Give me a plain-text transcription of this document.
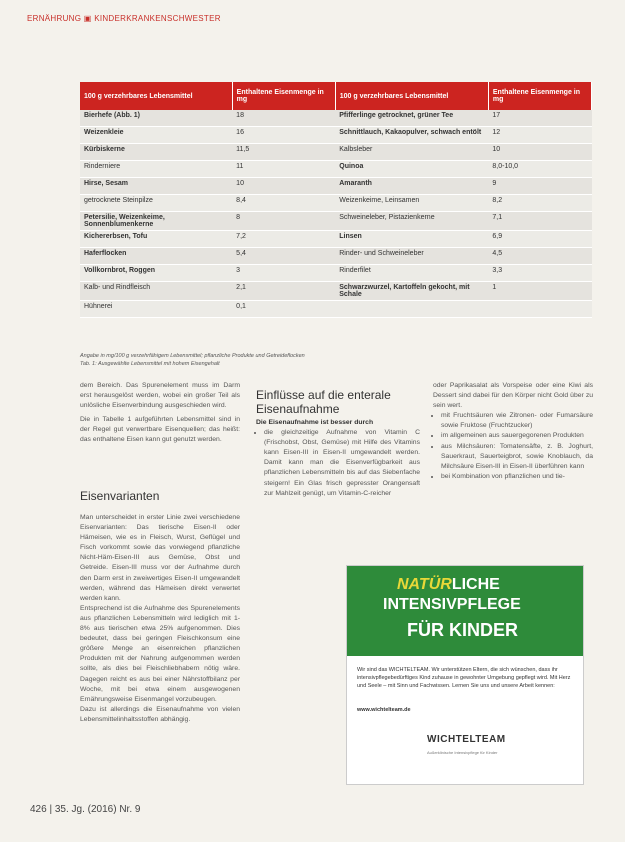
ERNÄHRUNG ▣ KINDERKRANKENSCHWESTER
100 g verzehrbares Lebensmittel	Enthaltene Eisenmenge in mg	100 g verzehrbares Lebensmittel	Enthaltene Eisenmenge in mg
Bierhefe (Abb. 1)	18	Pfifferlinge getrocknet, grüner Tee	17
Weizenkleie	16	Schnittlauch, Kakaopulver, schwach entölt	12
Kürbiskerne	11,5	Kalbsleber	10
Rinderniere	11	Quinoa	8,0-10,0
Hirse, Sesam	10	Amaranth	9
getrocknete Steinpilze	8,4	Weizenkeime, Leinsamen	8,2
Petersilie, Weizenkeime, Sonnenblumenkerne	8	Schweineleber, Pistazienkerne	7,1
Kichererbsen, Tofu	7,2	Linsen	6,9
Haferflocken	5,4	Rinder- und Schweineleber	4,5
Vollkornbrot, Roggen	3	Rinderfilet	3,3
Kalb- und Rindfleisch	2,1	Schwarzwurzel, Kartoffeln gekocht, mit Schale	1
Hühnerei	0,1		
Angabe in mg/100 g verzehrfähigem Lebensmittel; pflanzliche Produkte und Getreideflocken
Tab. 1: Ausgewählte Lebensmittel mit hohem Eisengehalt

dem Bereich. Das Spurenelement muss im Darm erst herausgelöst werden, wobei ein großer Teil als unlösliche Eisenverbindung ausgeschieden wird.

Die in Tabelle 1 aufgeführten Lebensmittel sind in der Regel gut verwertbare Eisenquellen; das heißt: das enthaltene Eisen kann gut genutzt werden.

Eisenvarianten

Man unterscheidet in erster Linie zwei verschiedene Eisenvarianten: Das tierische Eisen-II oder Hämeisen, wie es in Fleisch, Wurst, Geflügel und Fisch vorkommt sowie das vorwiegend pflanzliche Nicht-Häm-Eisen-III aus Gemüse, Obst und Getreide. Eisen-III muss vor der Aufnahme durch den Darm erst in zweiwertiges Eisen-II umgewandelt werden, während das Hämeisen direkt verwertet werden kann.

Entsprechend ist die Aufnahme des Spurenelements aus pflanzlichen Lebensmitteln wird lediglich mit 1-8% aus tierischen etwa 25% aufgenommen. Dies bedeutet, dass bei geringen Fleischkonsum eine größere Menge an eisenreichen pflanzlichen Produkten mit der Nahrung aufgenommen werden sollte, als dies bei Fleischliebhabern nötig wäre. Dagegen reicht es aus bei einer Nährstoffbilanz per Woche, mit bei etwa einem ausgewogenen Ernährungsweise Eisenmangel vorzubeugen.

Dazu ist allerdings die Eisenaufnahme von vielen Lebensmittelinhaltsstoffen abhängig.

Einflüsse auf die enterale Eisenaufnahme
Die Eisenaufnahme ist besser durch
• die gleichzeitige Aufnahme von Vitamin C (Frischobst, Obst, Gemüse) mit Hilfe des Vitamins kann Eisen-III in Eisen-II umgewandelt werden. Damit kann man die Eisenverfügbarkeit aus pflanzlichen Lebensmitteln bis auf das Siebenfache steigern! Ein Glas frisch gepresster Orangensaft zur Mahlzeit genügt, um Vitamin-C-reicher

oder Paprikasalat als Vorspeise oder eine Kiwi als Dessert sind dabei für den Körper nicht Gold über zu sein wert.

• mit Fruchtsäuren wie Zitronen- oder Fumarsäure sowie Fruktose (Fruchtzucker)
• im allgemeinen aus sauergegorenen Produkten
• aus Milchsäuren: Tomatensäfte, z. B. Joghurt, Sauerkraut, Sauerteigbrot, sowie Knoblauch, da Milchsäure Eisen-III in Eisen-II überführen kann
• bei Kombination von pflanzlichen und tie-
NATÜRLICHE
INTENSIVPFLEGE
FÜR KINDER
Wir sind das WICHTELTEAM. Wir unterstützen Eltern, die sich wünschen, dass ihr intensivpflegebedürftiges Kind zuhause in gewohnter Umgebung gepflegt wird. Mit Herz und Seele – mit Sinn und Fachwissen. Lernen Sie uns und unsere Arbeit kennen:
www.wichtelteam.de
WICHTELTEAM
Außerklinische Intensivpflege für Kinder
426 | 35. Jg. (2016) Nr. 9
